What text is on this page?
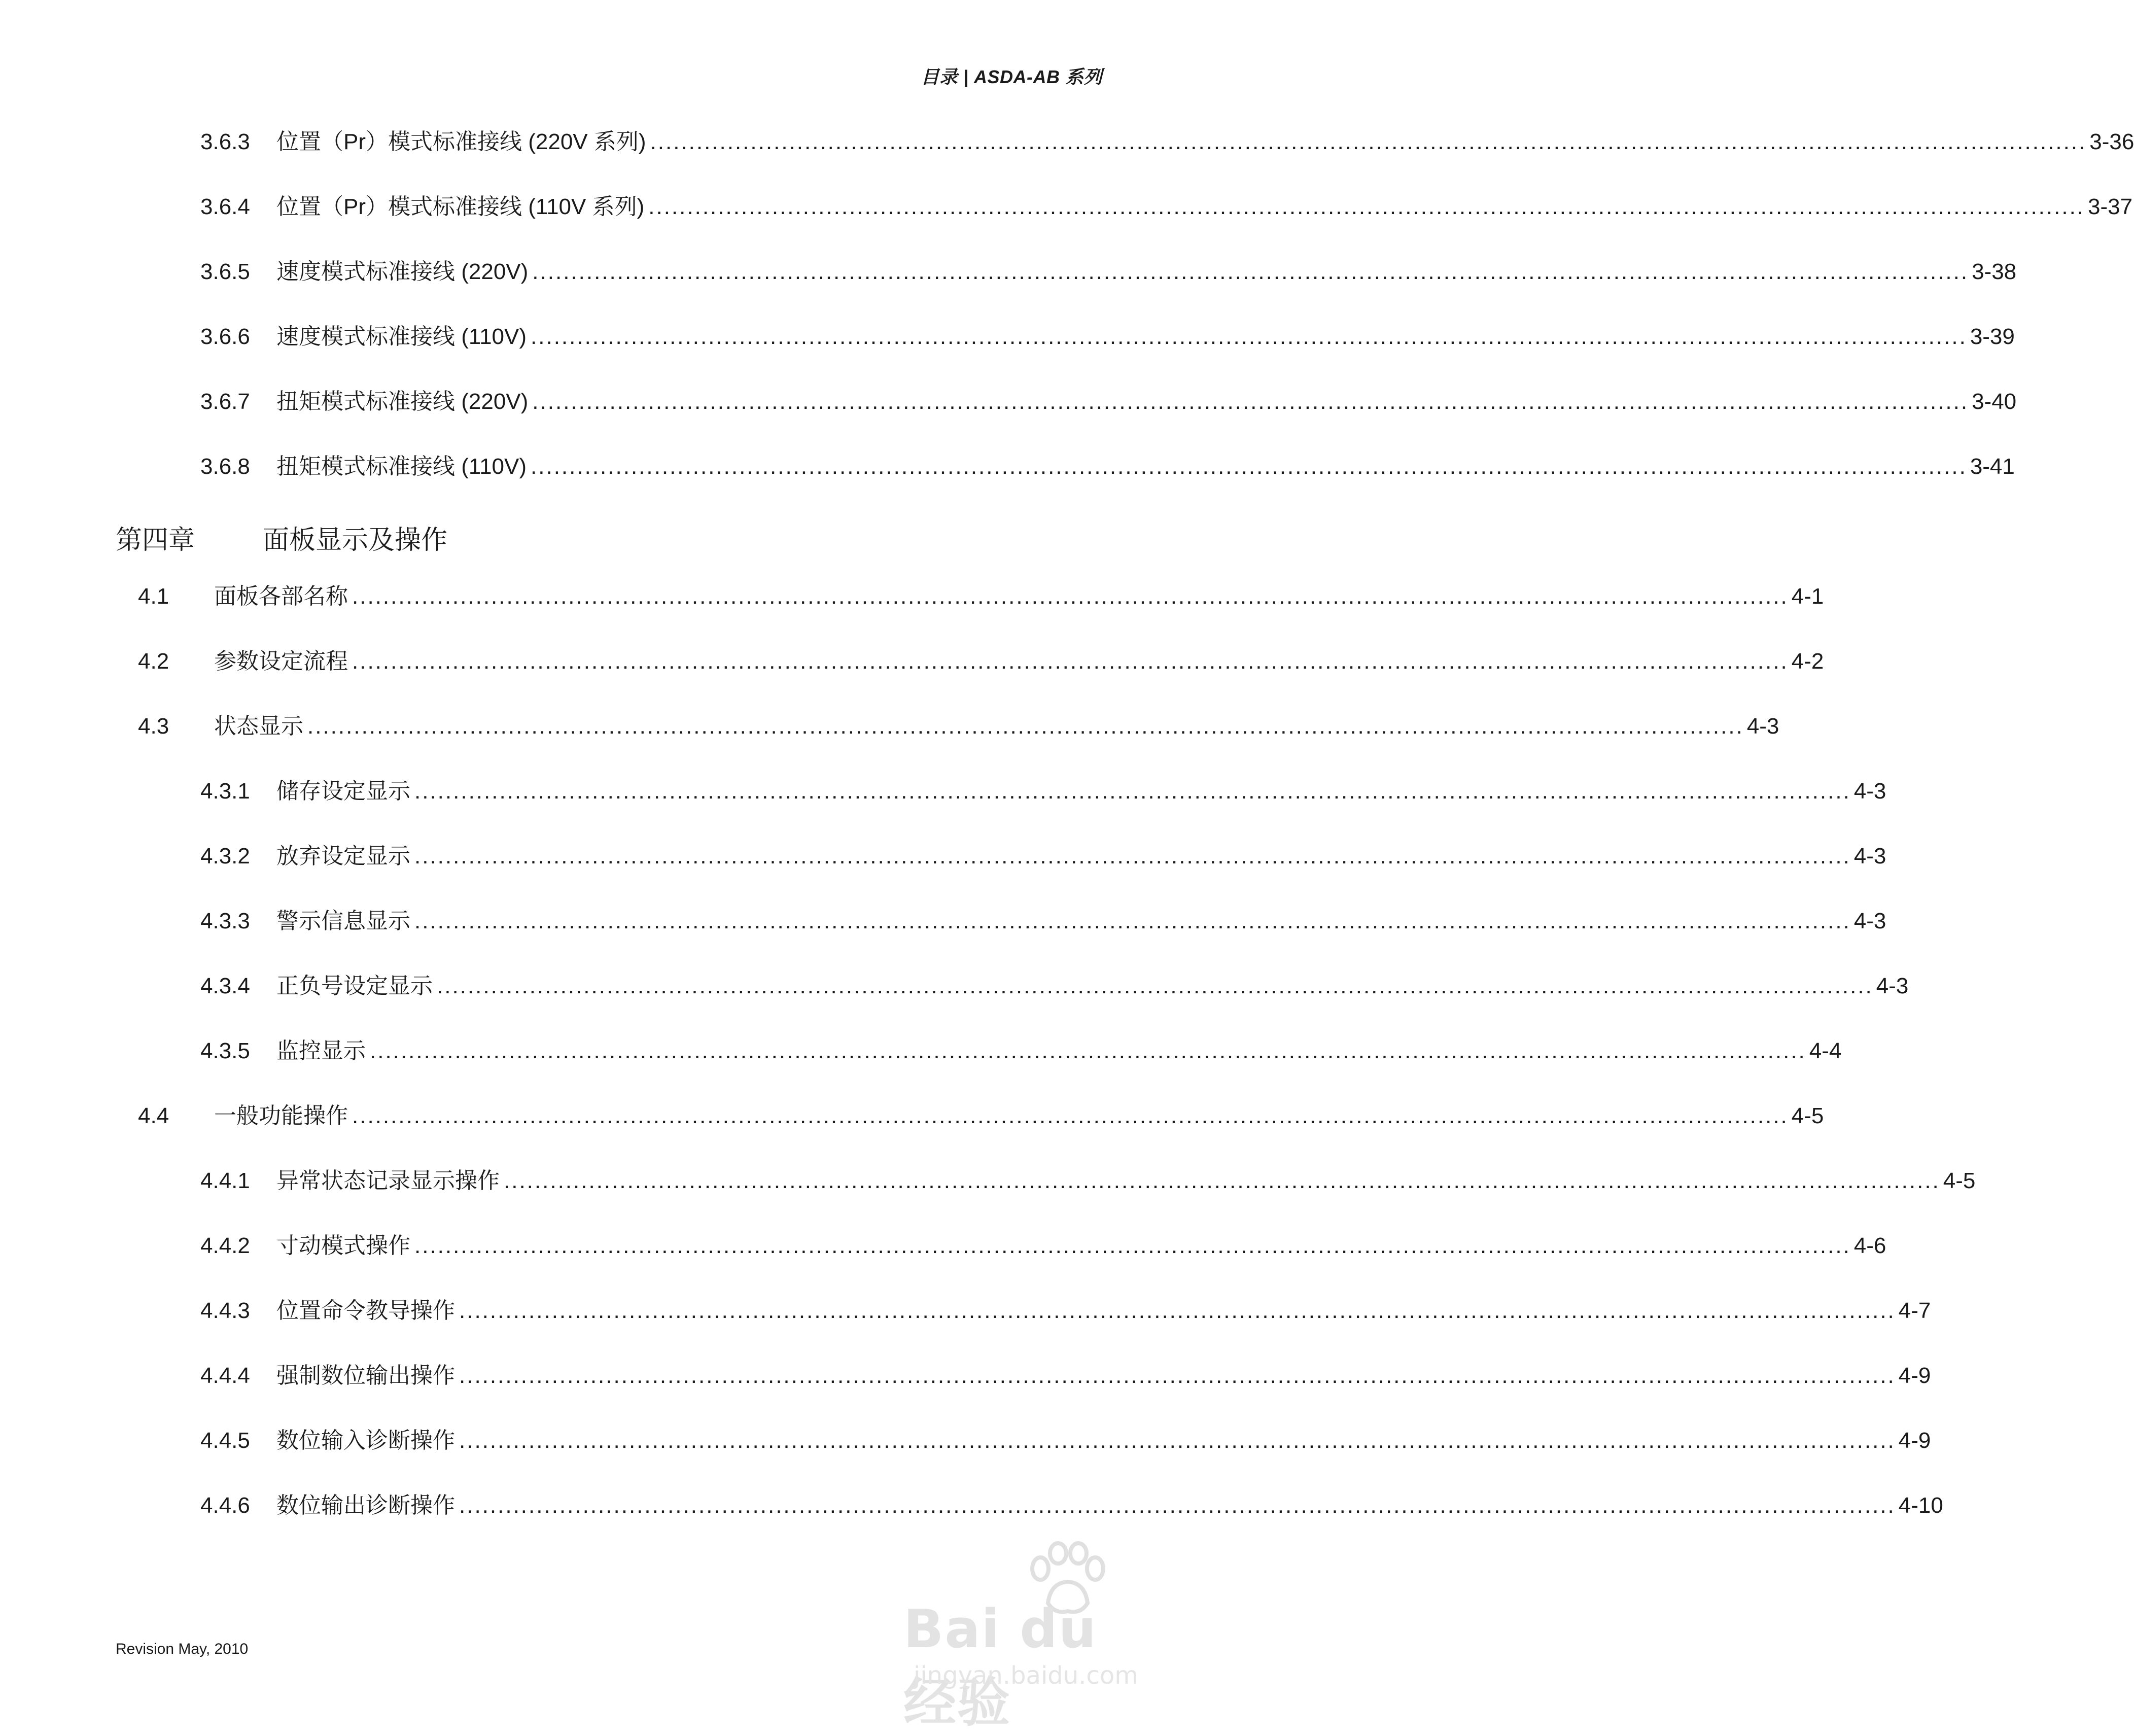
目录 | ASDA-AB 系列
3.6.3	位置（Pr）模式标准接线 (220V 系列) .......................................................................................................................................................................................... 3-36
3.6.4	位置（Pr）模式标准接线 (110V 系列) .......................................................................................................................................................................................... 3-37
3.6.5	速度模式标准接线 (220V) .......................................................................................................................................................................................... 3-38
3.6.6	速度模式标准接线 (110V) .......................................................................................................................................................................................... 3-39
3.6.7	扭矩模式标准接线 (220V) .......................................................................................................................................................................................... 3-40
3.6.8	扭矩模式标准接线 (110V) .......................................................................................................................................................................................... 3-41
第四章	面板显示及操作
4.1	面板各部名称 .......................................................................................................................................................................................... 4-1
4.2	参数设定流程 .......................................................................................................................................................................................... 4-2
4.3	状态显示 .......................................................................................................................................................................................... 4-3
4.3.1	储存设定显示 .......................................................................................................................................................................................... 4-3
4.3.2	放弃设定显示 .......................................................................................................................................................................................... 4-3
4.3.3	警示信息显示 .......................................................................................................................................................................................... 4-3
4.3.4	正负号设定显示 .......................................................................................................................................................................................... 4-3
4.3.5	监控显示 .......................................................................................................................................................................................... 4-4
4.4	一般功能操作 .......................................................................................................................................................................................... 4-5
4.4.1	异常状态记录显示操作 .......................................................................................................................................................................................... 4-5
4.4.2	寸动模式操作 .......................................................................................................................................................................................... 4-6
4.4.3	位置命令教导操作 .......................................................................................................................................................................................... 4-7
4.4.4	强制数位输出操作 .......................................................................................................................................................................................... 4-9
4.4.5	数位输入诊断操作 .......................................................................................................................................................................................... 4-9
4.4.6	数位输出诊断操作 .......................................................................................................................................................................................... 4-10
Revision May, 2010	Bai du 经验
jingyan.baidu.com
